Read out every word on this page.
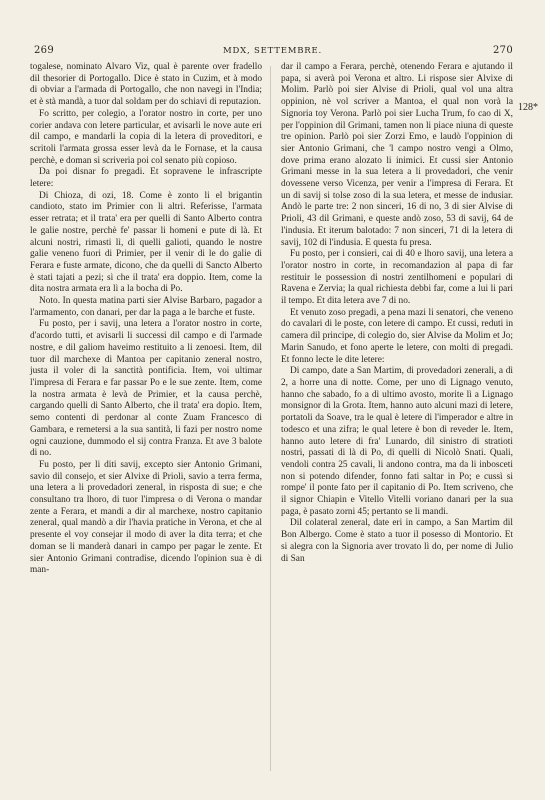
269	MDX, SETTEMBRE.	270

togalese, nominato Alvaro Viz, qual è parente over fradello dil thesorier di Portogallo. Dice è stato in Cuzim, et à modo di obviar a l'armada di Portogallo, che non navegi in l'India; et è stà mandà, a tuor dal soldam per do schiavi di reputazion.

Fo scritto, per colegio, a l'orator nostro in corte, per uno corier andava con letere particular, et avisarli le nove aute eri dil campo, e mandarli la copia di la letera di proveditori, e scritoli l'armata grossa esser levà da le Fornase, et la causa perchè, e doman si scriveria poi col senato più copioso.

Da poi disnar fo pregadi. Et sopravene le infrascripte letere:

Di Chioza, di ozi, 18. Come è zonto li el brigantin candioto, stato im Primier con li altri. Referisse, l'armata esser retrata; et il trata' era per quelli di Santo Alberto contra le galie nostre, perchè fe' passar li homeni e pute di là. Et alcuni nostri, rimasti lì, di quelli galioti, quando le nostre galie veneno fuori di Primier, per il venir di le do galie di Ferara e fuste armate, dicono, che da quelli di Sancto Alberto è stati tajati a pezi; sì che il trata' era doppio. Item, come la dita nostra armata era lì a la bocha di Po.

Noto. In questa matina parti sier Alvise Barbaro, pagador a l'armamento, con danari, per dar la paga a le barche et fuste.

Fu posto, per i savij, una letera a l'orator nostro in corte, d'acordo tutti, et avisarli li successi dil campo e di l'armade nostre, e dil galiom haveimo restituito a li zenoesi. Item, dil tuor dil marchexe di Mantoa per capitanio zeneral nostro, justa il voler di la sanctità pontificia. Item, voi ultimar l'impresa di Ferara e far passar Po e le sue zente. Item, come la nostra armata è levà de Primier, et la causa perchè, cargando quelli di Santo Alberto, che il trata' era dopio. Item, semo contenti di perdonar al conte Zuam Francesco di Gambara, e remetersi a la sua santità, li fazi per nostro nome ogni cauzione, dummodo el sij contra Franza. Et ave 3 balote di no.

Fu posto, per li diti savij, excepto sier Antonio Grimani, savio dil consejo, et sier Alvixe di Prioli, savio a terra ferma, una letera a li provedadori zeneral, in risposta di sue; e che consultano tra lhoro, di tuor l'impresa o di Verona o mandar zente a Ferara, et mandi a dir al marchexe, nostro capitanio zeneral, qual mandò a dir l'havia pratiche in Verona, et che al presente el voy consejar il modo di aver la dita terra; et che doman se li manderà danari in campo per pagar le zente. Et sier Antonio Grimani contradise, dicendo l'opinion sua è di man-

dar il campo a Ferara, perchè, otenendo Ferara e ajutando il papa, si averà poi Verona et altro. Li rispose sier Alvixe di Molim. Parlò poi sier Alvise di Prioli, qual vol una altra oppinion, nè vol scriver a Mantoa, el qual non vorà la Signoria toy Verona. Parlò poi sier Lucha Trum, fo cao di X, per l'oppinion dil Grimani, tamen non li piace niuna di queste tre opinion. Parlò poi sier Zorzi Emo, e laudò l'oppinion di sier Antonio Grimani, che 'l campo nostro vengi a Olmo, dove prima erano alozato li inimici. Et cussi sier Antonio Grimani messe in la sua letera a li provedadori, che venir dovessene verso Vicenza, per venir a l'impresa di Ferara. Et un di savij si tolse zoso di la sua letera, et messe de indusiar. Andò le parte tre: 2 non sinceri, 16 di no, 3 di sier Alvise di Prioli, 43 dil Grimani, e queste andò zoso, 53 di savij, 64 de l'indusia. Et iterum balotado: 7 non sinceri, 71 di la letera di savij, 102 di l'indusia. E questa fu presa.

Fu posto, per i consieri, cai di 40 e lhoro savij, una letera a l'orator nostro in corte, in recomandazion al papa di far restituir le possession di nostri zentilhomeni e populari di Ravena e Zervia; la qual richiesta debbi far, come a lui li pari il tempo. Et dita letera ave 7 di no.

Et venuto zoso pregadi, a pena mazi li senatori, che veneno do cavalari di le poste, con letere di campo. Et cussi, reduti in camera dil principe, di colegio do, sier Alvise da Molim et Jo; Marin Sanudo, et fono aperte le letere, con molti di pregadi. Et fonno lecte le dite letere:

Di campo, date a San Martim, di provedadori zenerali, a dì 2, a horre una di notte. Come, per uno di Lignago venuto, hanno che sabado, fo a dì ultimo avosto, morite lì a Lignago monsignor di la Grota. Item, hanno auto alcuni mazi di letere, portatoli da Soave, tra le qual è letere di l'imperador e altre in todesco et una zifra; le qual letere è bon di reveder le. Item, hanno auto letere di fra' Lunardo, dil sinistro di stratioti nostri, passati di là di Po, di quelli di Nicolò Snati. Quali, vendoli contra 25 cavali, li andono contra, ma da li inbosceti non si potendo difender, fonno fati saltar in Po; e cussì si rompe' il ponte fato per il capitanio di Po. Item scriveno, che il signor Chiapin e Vitello Vitelli voriano danari per la sua paga, è pasato zorni 45; pertanto se li mandi.

Dil colateral zeneral, date eri in campo, a San Martim dil Bon Albergo. Come è stato a tuor il posesso di Montorio. Et si alegra con la Signoria aver trovato lì do, per nome di Julio di San

128*
